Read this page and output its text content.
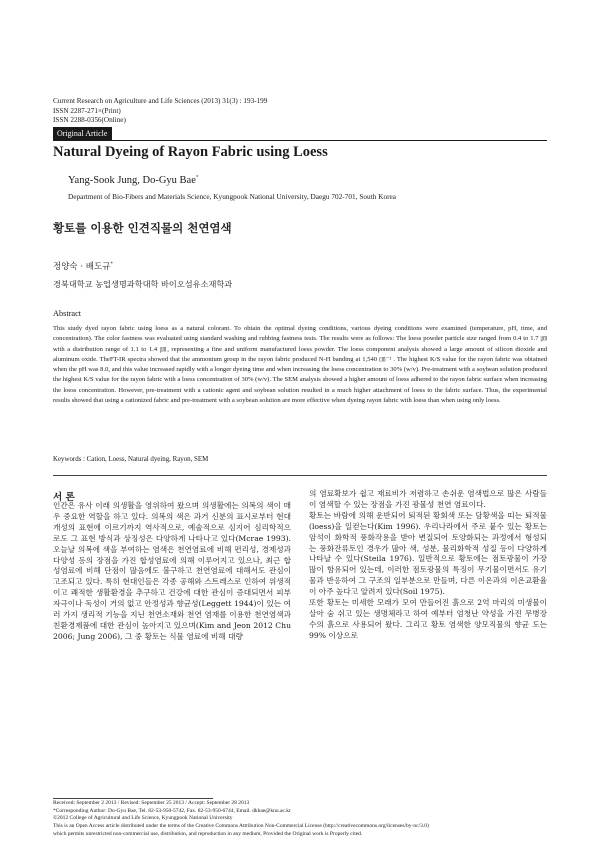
Current Research on Agriculture and Life Sciences (2013) 31(3) : 193-199
ISSN 2287-271×(Print)
ISSN 2288-0356(Online)
Original Article
Natural Dyeing of Rayon Fabric using Loess
Yang-Sook Jung, Do-Gyu Bae*
Department of Bio-Fibers and Materials Science, Kyungpook National University, Daegu 702-701, South Korea
황토를 이용한 인견직물의 천연염색
정양숙 · 배도규*
경북대학교 농업생명과학대학 바이오섬유소재학과
Abstract
This study dyed rayon fabric using loess as a natural colorant. To obtain the optimal dyeing conditions, various dyeing conditions were examined (temperature, pH, time, and concentration). The color fastness was evaluated using standard washing and rubbing fastness tests. The results were as follows: The loess powder particle size ranged from 0.4 to 1.7 ㎛ with a distribution range of 1.1 to 1.4 ㎛, representing a fine and uniform manufactured loess powder. The loess component analysis showed a large amount of silicon dioxide and aluminum oxide. TheFT-IR spectra showed that the ammonium group in the rayon fabric produced N-H banding at 1,540 ㎝⁻¹ . The highest K/S value for the rayon fabric was obtained when the pH was 8.0, and this value increased rapidly with a longer dyeing time and when increasing the loess concentration to 30% (w/v). Pre-treatment with a soybean solution produced the highest K/S value for the rayon fabric with a loess concentration of 30% (w/v). The SEM analysis showed a higher amount of loess adhered to the rayon fabric surface when increasing the loess concentration. However, pre-treatment with a cationic agent and soybean solution resulted in a much higher attachment of loess to the fabric surface. Thus, the experimental results showed that using a cationized fabric and pre-treatment with a soybean solution are more effective when dyeing rayon fabric with loess than when using only loess.
Keywords : Cation, Loess, Natural dyeing, Rayon, SEM
서 론

인간은 유사 이래 의생활을 영위하여 왔으며 의생활에는 의복의 색이 매우 중요한 역할을 하고 있다. 의복의 색은 과거 신분의 표시로부터 현대 개성의 표현에 이르기까지 역사적으로, 예술적으로 심지어 심리학적으로도 그 표현 방식과 상징성은 다양하게 나타나고 있다(Mcrae 1993). 오늘날 의복에 색을 부여하는 염색은 천연염료에 비해 편리성, 경제성과 다양성 등의 장점을 가진 합성염료에 의해 이루어지고 있으나, 최근 합성염료에 비해 단점이 많음에도 불구하고 천연염료에 대해서도 관심이 고조되고 있다. 특히 현대인들은 각종 공해와 스트레스로 인하여 위생적이고 쾌적한 생활환경을 추구하고 건강에 대한 관심이 증대되면서 피부 자극이나 독성이 거의 없고 안정성과 향균성(Leggett 1944)이 있는 여러 가지 생리적 기능을 지닌 천연소재와 천연 염재를 이용한 천연염색과 친환경제품에 대한 관심이 높아지고 있으며(Kim and Jeon 2012 Chu 2006; Jung 2006), 그 중 황토는 식물 염료에 비해 대량

의 염료확보가 쉽고 재료비가 저렴하고 손쉬운 염색법으로 많은 사람들이 염색할 수 있는 장점을 가진 광물성 천연 염료이다.

황토는 바람에 의해 운반되어 퇴적된 황회색 또는 담황색을 띠는 퇴적물(loess)을 일컫는다(Kim 1996). 우리나라에서 주로 붙수 있는 황토는 암석이 화학적 풍화작용을 받아 변질되어 토양화되는 과정에서 형성되는 풍화잔류토인 경우가 많아 색, 성분, 물리화학적 성질 등이 다양하게 나타날 수 있다(Steila 1976). 일반적으로 황토에는 점토광물이 가장 많이 함유되어 있는데, 이러한 점토광물의 특징이 무기물이면서도 유기물과 반응하여 그 구조의 일부분으로 만들며, 다른 이온과의 이온교환율이 아주 높다고 알려져 있다(Soil 1975).

또한 황토는 미세한 모래가 모여 만들어진 흙으로 2억 마리의 미생물이 살아 숨 쉬고 있는 생명체라고 하여 예부터 엄청난 약성을 가진 무병장수의 흙으로 사용되어 왔다. 그리고 황토 염색한 양모직물의 향균 도는 99% 이상으로

Received: September 2 2013 / Revised: September 25 2013 / Accept: September 28 2013
*Corresponding Author: Do-Gyu Bae, Tel. 82-53-950-5742, Fax. 82-53-950-6744, Email. dkbae@knu.ac.kr
©2012 College of Agricultural and Life Science, Kyungpook National University
This is an Open Access article distributed under the terms of the Creative Commons Attribution Non-Commercial License (http://creativecommons.org/licenses/by-nc/3.0)
which permits unrestricted non-commercial use, distribution, and reproduction in any medium, Provided the Original work is Properly cited.
